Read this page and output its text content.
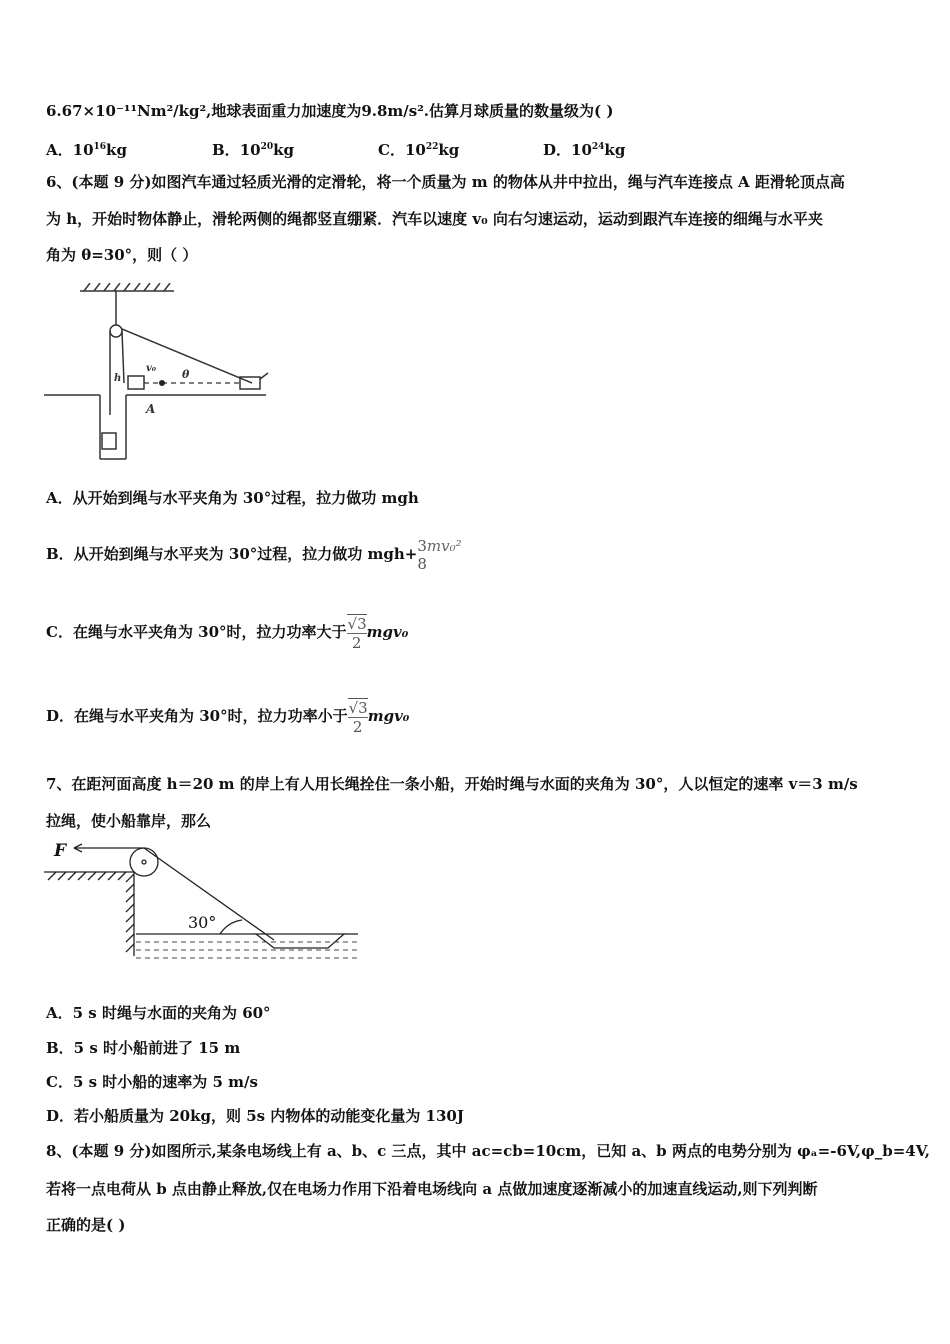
6.67×10⁻¹¹Nm²/kg²,地球表面重力加速度为9.8m/s².估算月球质量的数量级为( )
A．$10^{16}kg$	B．$10^{20}kg$	C．$10^{22}kg$	D．$10^{24}kg$
6、(本题 9 分)如图汽车通过轻质光滑的定滑轮，将一个质量为 m 的物体从井中拉出，绳与汽车连接点 A 距滑轮顶点高
为 h，开始时物体静止，滑轮两侧的绳都竖直绷紧．汽车以速度 v₀ 向右匀速运动，运动到跟汽车连接的细绳与水平夹
角为 θ=30°，则（ ）
h
v₀ θ
A
A．从开始到绳与水平夹角为 30°过程，拉力做功 mgh
B．从开始到绳与水平夹为 30°过程，拉力做功 mgh+ 3
8
mv₀²
C．在绳与水平夹角为 30°时，拉力功率大于 $\frac{√3}{2} mgv_0$
D．在绳与水平夹角为 30°时，拉力功率小于 $\frac{√3}{2} mgv_0$
7、在距河面高度 h＝20 m 的岸上有人用长绳拴住一条小船，开始时绳与水面的夹角为 30°，人以恒定的速率 v＝3 m/s
拉绳，使小船靠岸，那么
F
30°
A．5 s 时绳与水面的夹角为 60°
B．5 s 时小船前进了 15 m
C．5 s 时小船的速率为 5 m/s
D．若小船质量为 20kg，则 5s 内物体的动能变化量为 130J
8、(本题 9 分)如图所示,某条电场线上有 a、b、c 三点，其中 ac=cb=10cm，已知 a、b 两点的电势分别为 φₐ=-6V,φ_b=4V,
若将一点电荷从 b 点由静止释放,仅在电场力作用下沿着电场线向 a 点做加速度逐渐减小的加速直线运动,则下列判断
正确的是( )
